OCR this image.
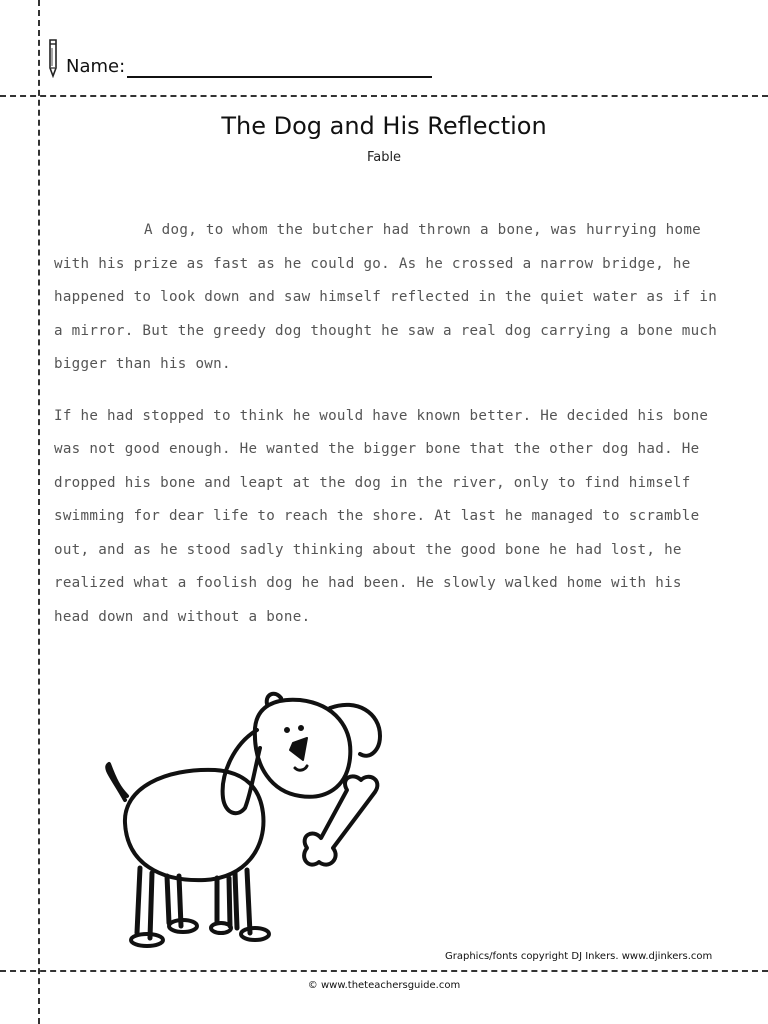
Name:
The Dog and His Reflection
Fable

A dog, to whom the butcher had thrown a bone, was hurrying home with his prize as fast as he could go. As he crossed a narrow bridge, he happened to look down and saw himself reflected in the quiet water as if in a mirror. But the greedy dog thought he saw a real dog carrying a bone much bigger than his own.

If he had stopped to think he would have known better. He decided his bone was not good enough. He wanted the bigger bone that the other dog had. He dropped his bone and leapt at the dog in the river, only to find himself swimming for dear life to reach the shore. At last he managed to scramble out, and as he stood sadly thinking about the good bone he had lost, he realized what a foolish dog he had been. He slowly walked home with his head down and without a bone.

Graphics/fonts copyright DJ Inkers. www.djinkers.com
© www.theteachersguide.com
